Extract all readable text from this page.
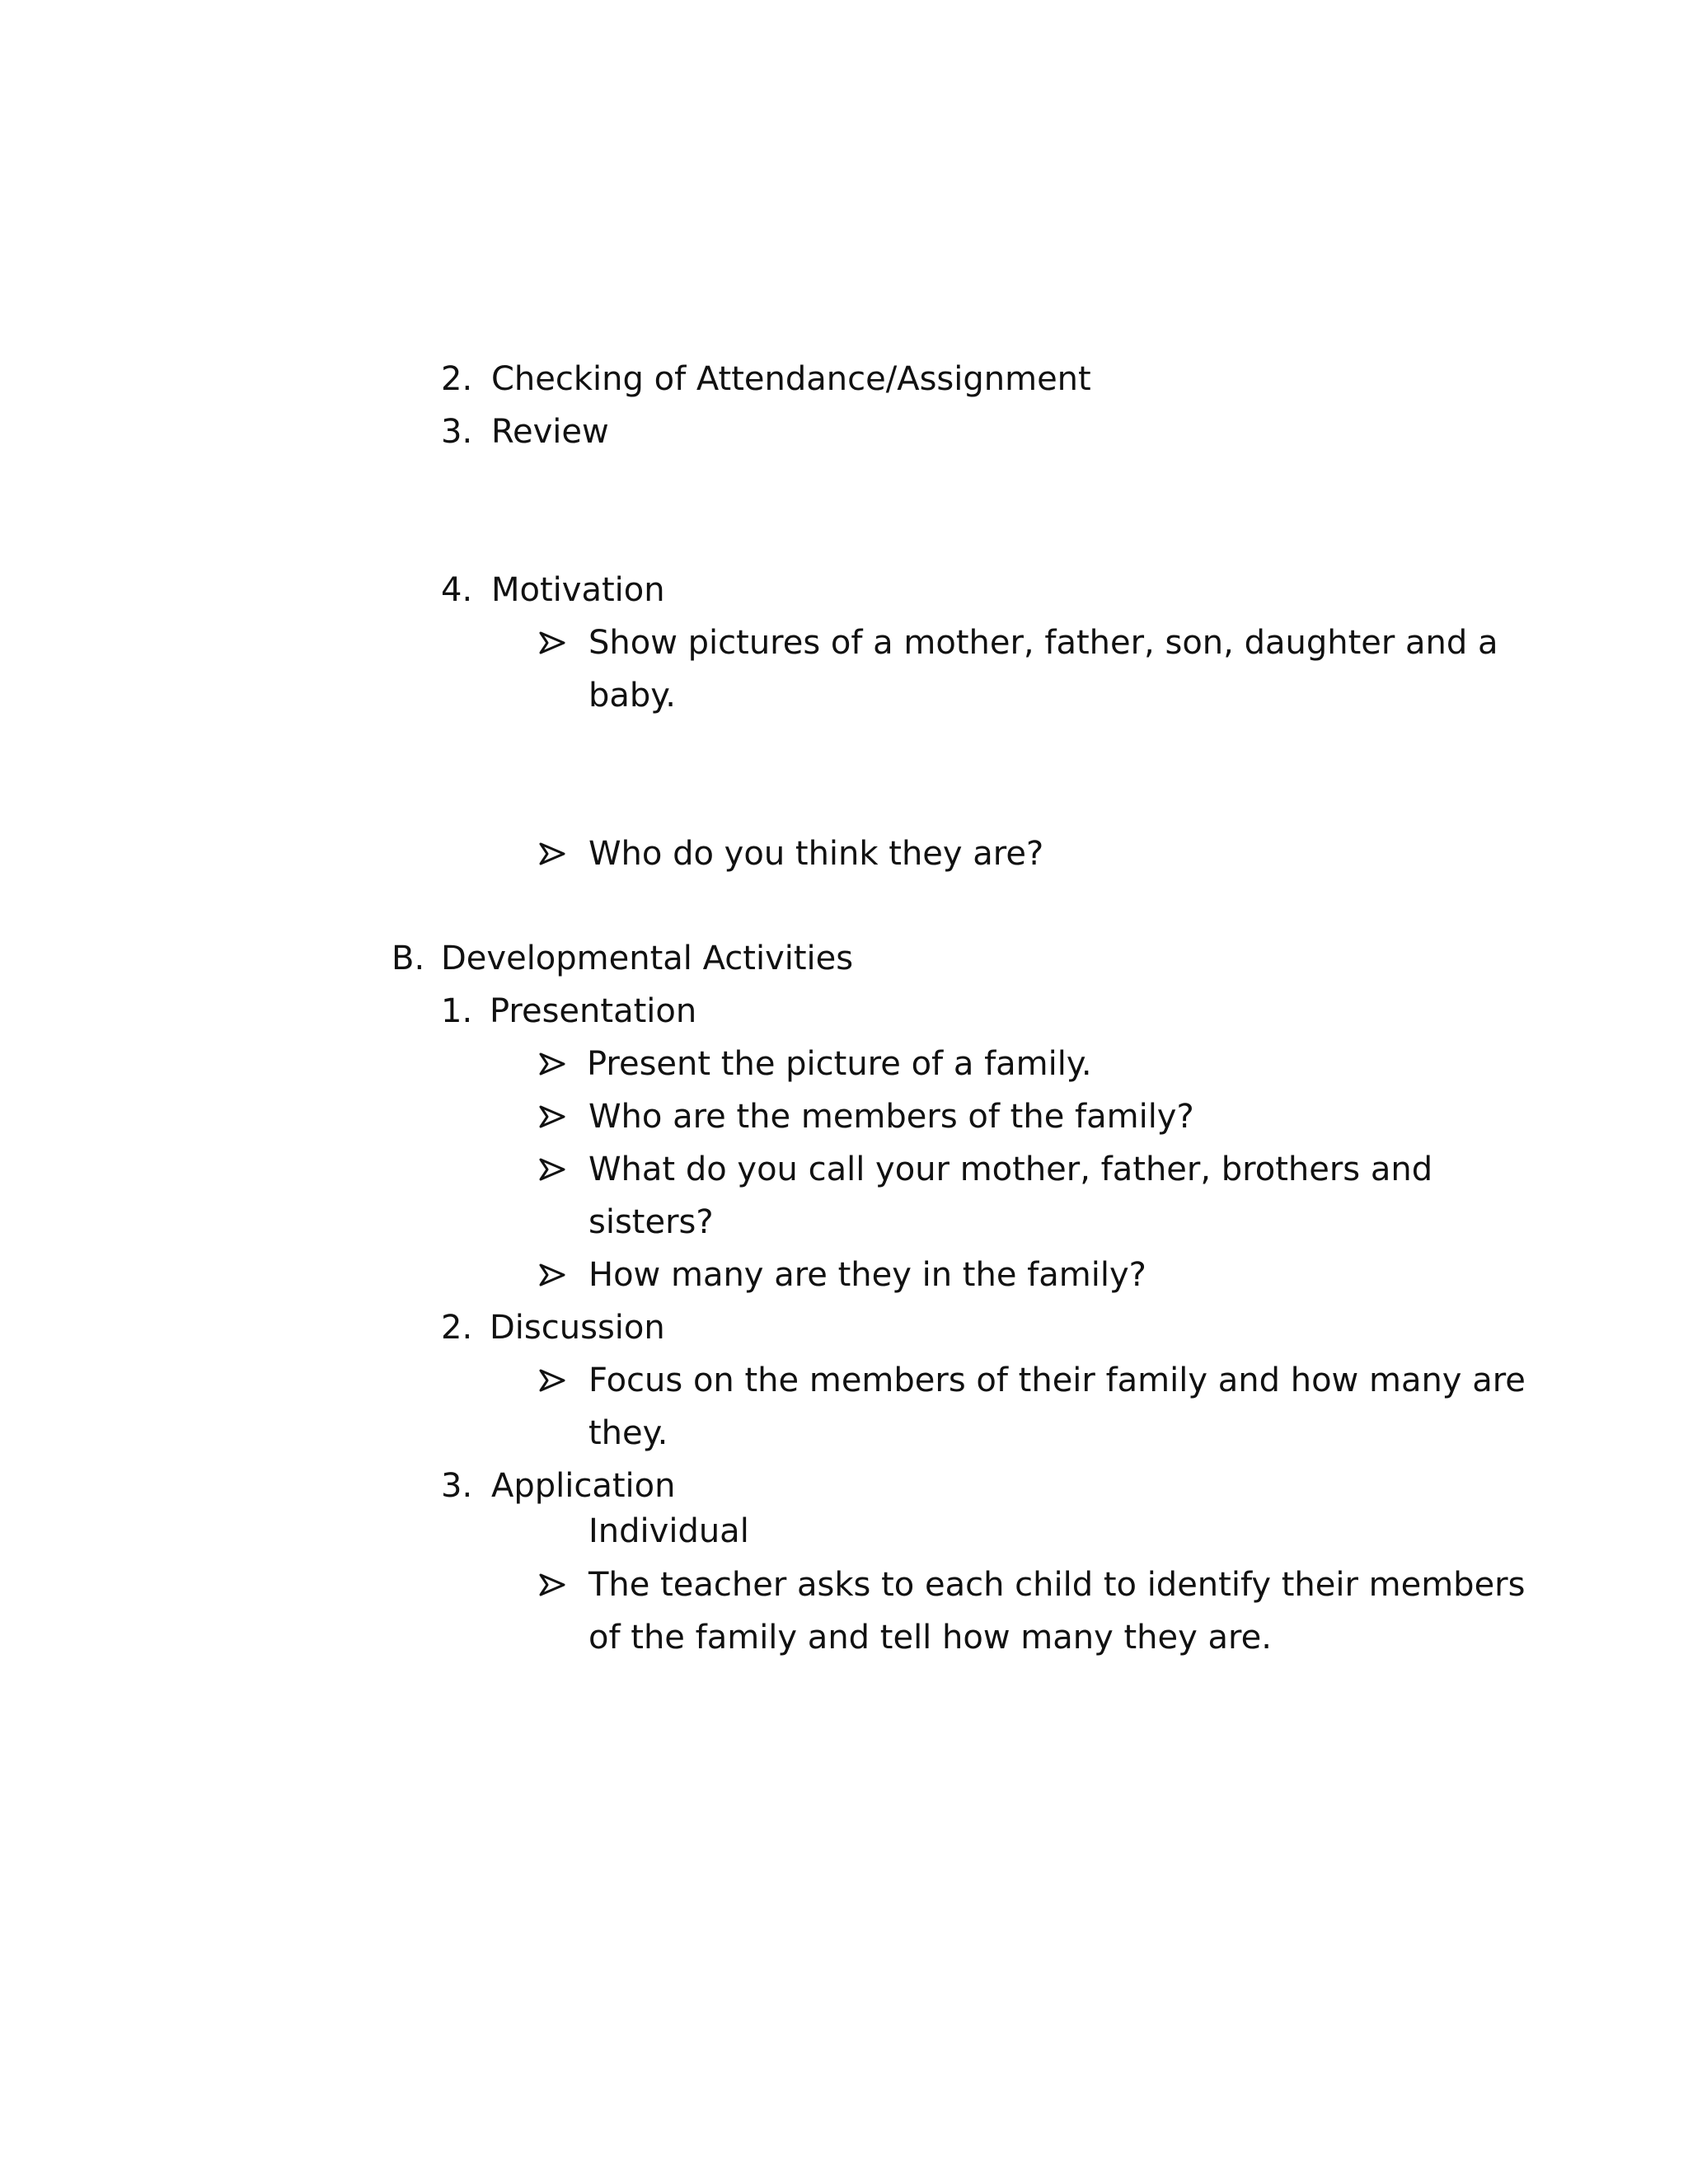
2. Checking of Attendance/Assignment
3. Review
4. Motivation
Show pictures of a mother, father, son, daughter and a
baby.
Who do you think they are?
B. Developmental Activities
1. Presentation
Present the picture of a family.
Who are the members of the family?
What do you call your mother, father, brothers and
sisters?
How many are they in the family?
2. Discussion
Focus on the members of their family and how many are
they.
3. Application
Individual
The teacher asks to each child to identify their members
of the family and tell how many they are.
